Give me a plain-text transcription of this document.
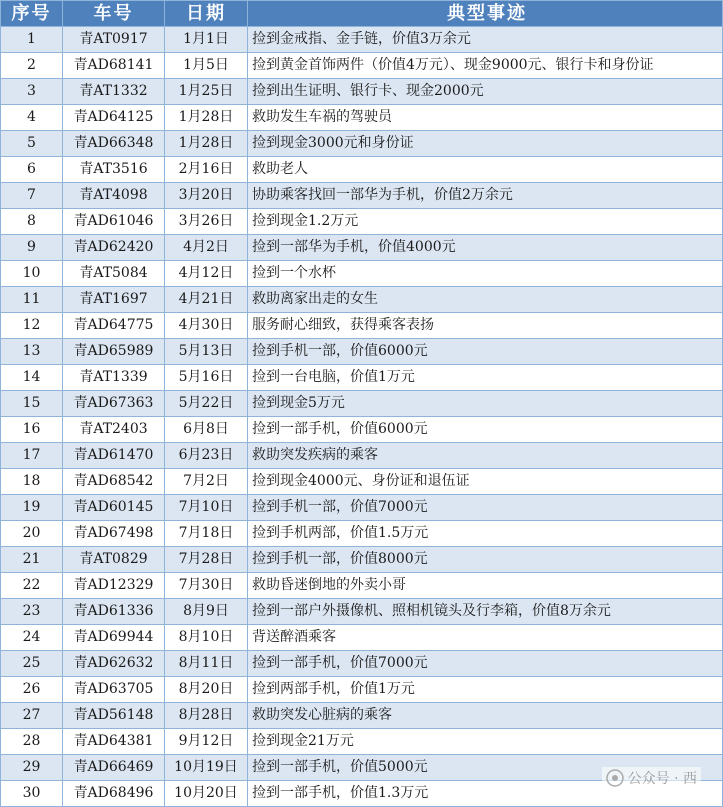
序号	车号	日期	典型事迹
1	青AT0917	1月1日	捡到金戒指、金手链，价值3万余元
2	青AD68141	1月5日	捡到黄金首饰两件（价值4万元）、现金9000元、银行卡和身份证
3	青AT1332	1月25日	捡到出生证明、银行卡、现金2000元
4	青AD64125	1月28日	救助发生车祸的驾驶员
5	青AD66348	1月28日	捡到现金3000元和身份证
6	青AT3516	2月16日	救助老人
7	青AT4098	3月20日	协助乘客找回一部华为手机，价值2万余元
8	青AD61046	3月26日	捡到现金1.2万元
9	青AD62420	4月2日	捡到一部华为手机，价值4000元
10	青AT5084	4月12日	捡到一个水杯
11	青AT1697	4月21日	救助离家出走的女生
12	青AD64775	4月30日	服务耐心细致，获得乘客表扬
13	青AD65989	5月13日	捡到手机一部，价值6000元
14	青AT1339	5月16日	捡到一台电脑，价值1万元
15	青AD67363	5月22日	捡到现金5万元
16	青AT2403	6月8日	捡到一部手机，价值6000元
17	青AD61470	6月23日	救助突发疾病的乘客
18	青AD68542	7月2日	捡到现金4000元、身份证和退伍证
19	青AD60145	7月10日	捡到手机一部，价值7000元
20	青AD67498	7月18日	捡到手机两部，价值1.5万元
21	青AT0829	7月28日	捡到手机一部，价值8000元
22	青AD12329	7月30日	救助昏迷倒地的外卖小哥
23	青AD61336	8月9日	捡到一部户外摄像机、照相机镜头及行李箱，价值8万余元
24	青AD69944	8月10日	背送醉酒乘客
25	青AD62632	8月11日	捡到一部手机，价值7000元
26	青AD63705	8月20日	捡到两部手机，价值1万元
27	青AD56148	8月28日	救助突发心脏病的乘客
28	青AD64381	9月12日	捡到现金21万元
29	青AD66469	10月19日	捡到一部手机，价值5000元
30	青AD68496	10月20日	捡到一部手机，价值1.3万元
公众号 · 西
